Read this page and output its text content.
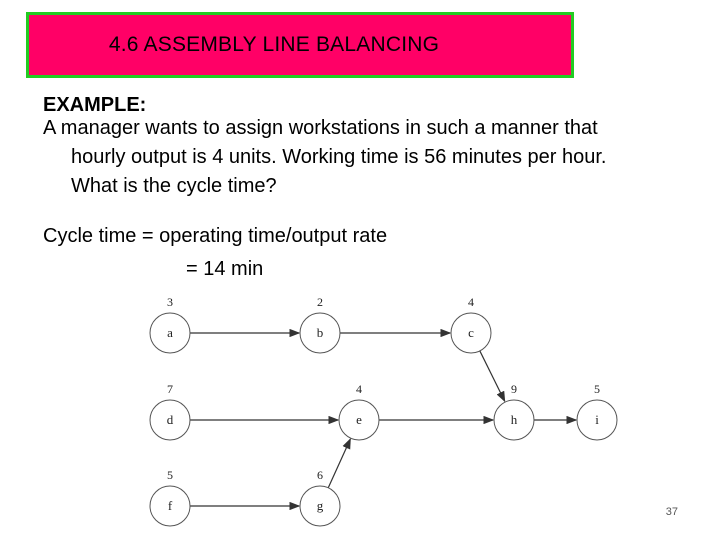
4.6 ASSEMBLY LINE BALANCING
EXAMPLE:
A manager wants to assign workstations in such a manner that
hourly output is 4 units. Working time is 56 minutes per hour.
What is the cycle time?
Cycle time = operating time/output rate
= 14 min
a
3
b
2
c
4
d
7
e
4
f
5
g
6
h
9
i
5
37
